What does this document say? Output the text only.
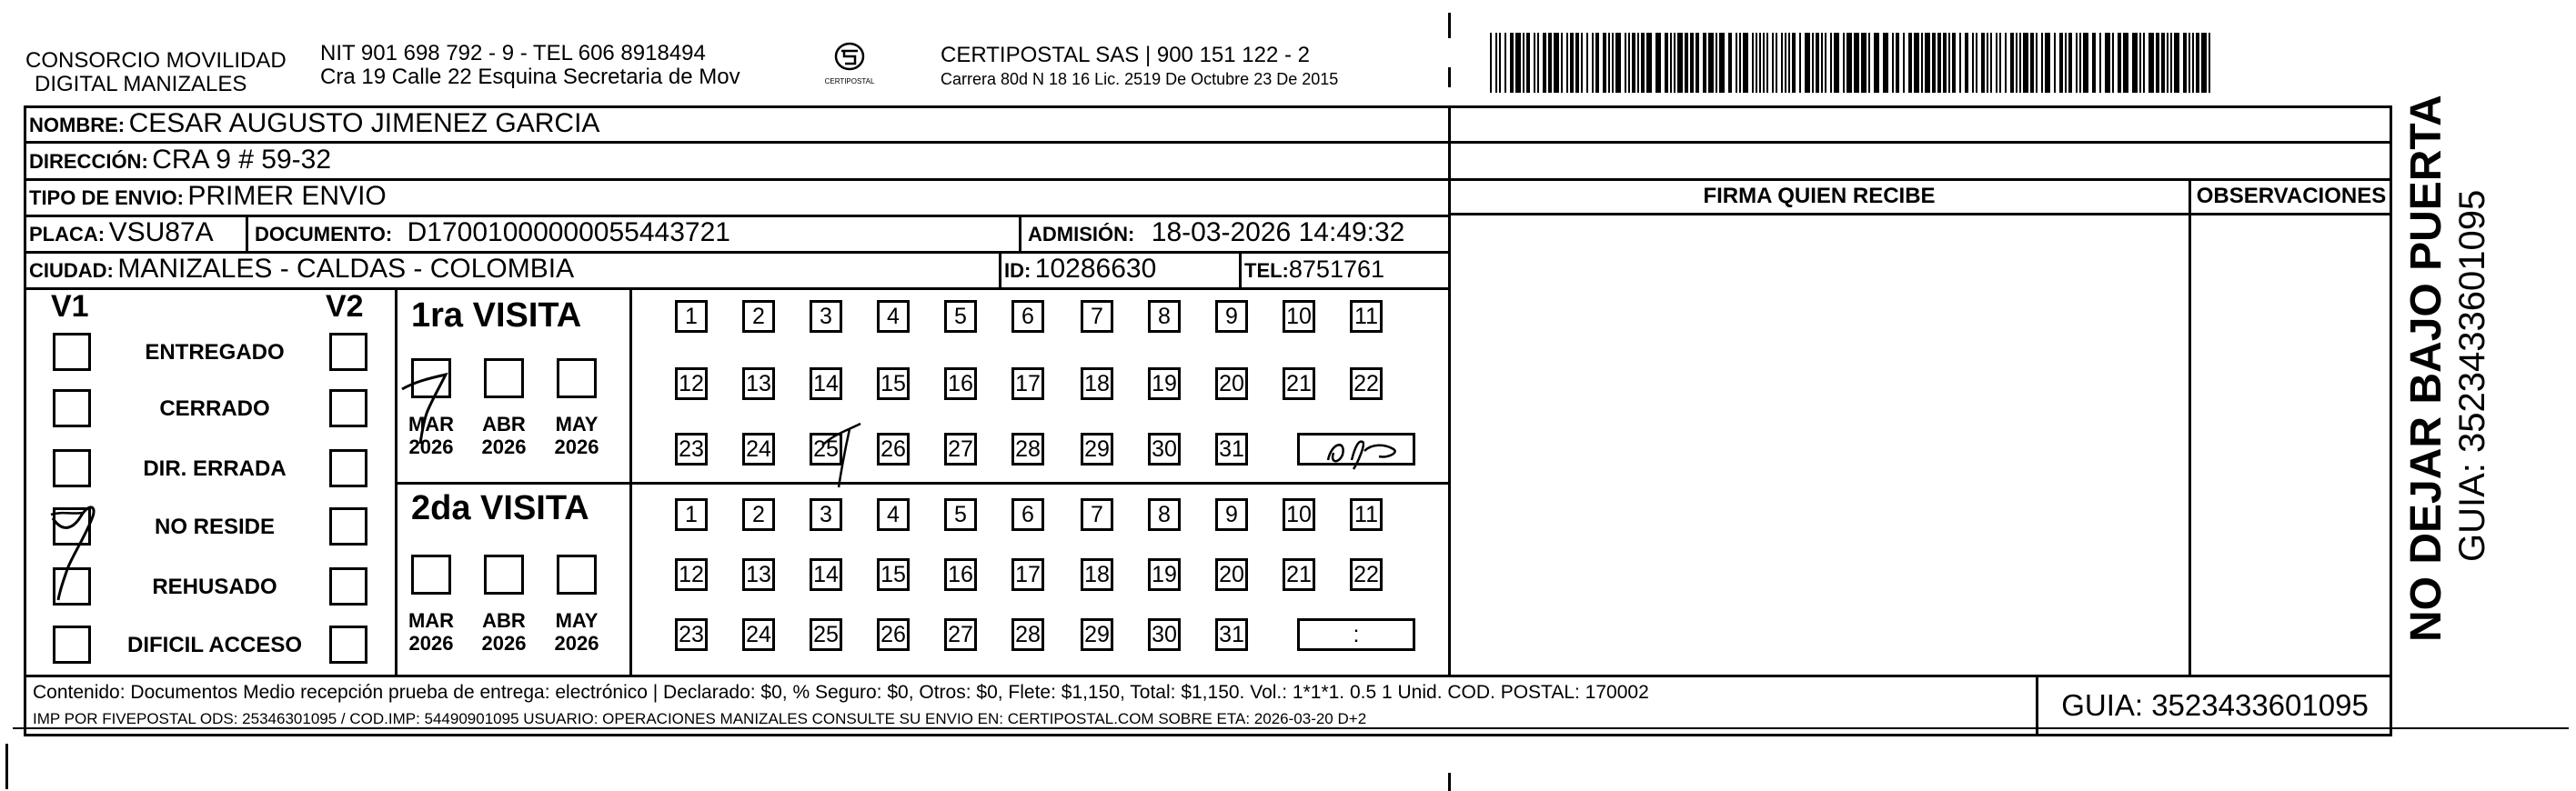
CONSORCIO MOVILIDAD
DIGITAL MANIZALES
NIT 901 698 792 - 9 - TEL 606 8918494
Cra 19 Calle 22 Esquina Secretaria de Mov	CERTIPOSTAL
CERTIPOSTAL SAS | 900 151 122 - 2
Carrera 80d N 18 16 Lic. 2519 De Octubre 23 De 2015
NOMBRE: CESAR AUGUSTO JIMENEZ GARCIA
DIRECCIÓN: CRA 9 # 59-32
TIPO DE ENVIO: PRIMER ENVIO
PLACA: VSU87A DOCUMENTO: D17001000000055443721	ADMISIÓN: 18-03-2026 14:49:32
CIUDAD: MANIZALES - CALDAS - COLOMBIA	ID: 10286630	TEL:8751761
FIRMA QUIEN RECIBE	OBSERVACIONES
V1	V2
ENTREGADO
CERRADO
DIR. ERRADA
NO RESIDE
REHUSADO
DIFICIL ACCESO
1ra VISITA
2da VISITA
MAR
2026
ABR
2026
MAY
2026
MAR
2026
ABR
2026
MAY
2026
1	2	3	4	5	6	7	8	9	10 11
12 13 14 15 16 17 18 19 20 21 22
23 24 25 26 27 28 29 30 31
1	2	3	4	5	6	7	8	9	10 11
12 13 14 15 16 17 18 19 20 21 22
23 24 25 26 27 28 29 30 31	:
Contenido: Documentos Medio recepción prueba de entrega: electrónico | Declarado: $0, % Seguro: $0, Otros: $0, Flete: $1,150, Total: $1,150. Vol.: 1*1*1. 0.5 1 Unid. COD. POSTAL: 170002
IMP POR FIVEPOSTAL ODS: 25346301095 / COD.IMP: 54490901095 USUARIO: OPERACIONES MANIZALES CONSULTE SU ENVIO EN: CERTIPOSTAL.COM SOBRE ETA: 2026-03-20 D+2	GUIA: 3523433601095
NO DEJAR BAJO PUERTA GUIA: 3523433601095
